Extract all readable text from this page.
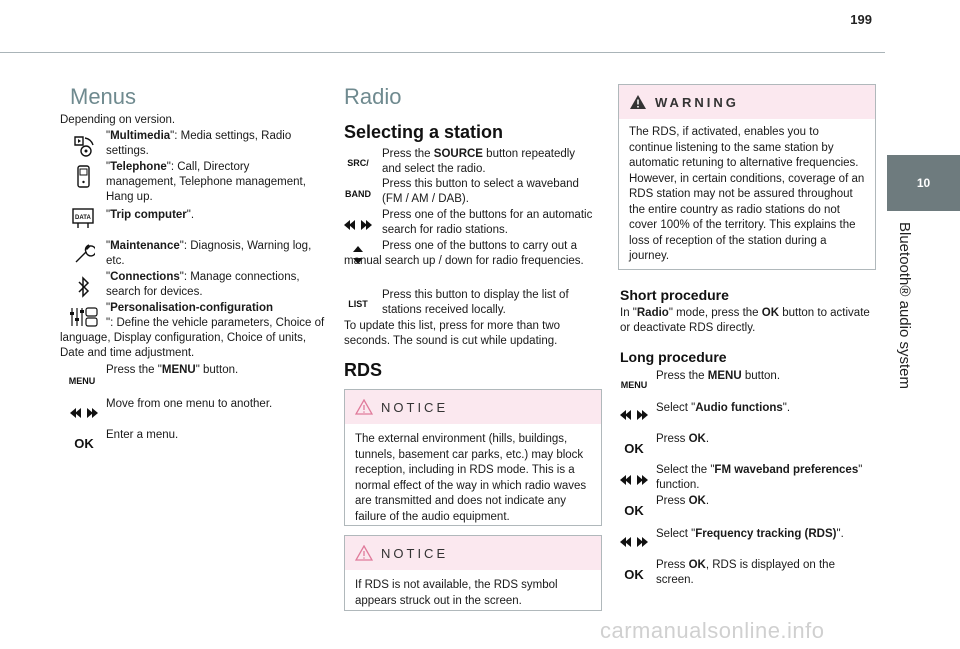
199
10
Bluetooth® audio system
Menus
Depending on version.
"Multimedia": Media settings, Radio settings.
"Telephone": Call, Directory management, Telephone management, Hang up.
DATA "Trip computer".
"Maintenance": Diagnosis, Warning log, etc.
"Connections": Manage connections, search for devices.
"Personalisation-configuration
": Define the vehicle parameters, Choice of language, Display configuration, Choice of units, Date and time adjustment.
MENU
Press the "MENU" button.
Move from one menu to another.
OK
Enter a menu.
Radio
Selecting a station
SRC/
Press the SOURCE button repeatedly and select the radio.
BAND
Press this button to select a waveband (FM / AM / DAB).
Press one of the buttons for an automatic search for radio stations.
Press one of the buttons to carry out a manual search up / down for radio frequencies.
LIST
Press this button to display the list of stations received locally.
To update this list, press for more than two seconds. The sound is cut while updating.
RDS
NOTICE
The external environment (hills, buildings, tunnels, basement car parks, etc.) may block reception, including in RDS mode. This is a normal effect of the way in which radio waves are transmitted and does not indicate any failure of the audio equipment.
NOTICE
If RDS is not available, the RDS symbol appears struck out in the screen.
WARNING
The RDS, if activated, enables you to continue listening to the same station by automatic retuning to alternative frequencies. However, in certain conditions, coverage of an RDS station may not be assured throughout the entire country as radio stations do not cover 100% of the territory. This explains the loss of reception of the station during a journey.
Short procedure
In "Radio" mode, press the OK button to activate or deactivate RDS directly.
Long procedure
MENU
Press the MENU button.
Select "Audio functions".
OK
Press OK.
Select the "FM waveband preferences" function.
OK
Press OK.
Select "Frequency tracking (RDS)".
OK
Press OK, RDS is displayed on the screen.
carmanualsonline.info
